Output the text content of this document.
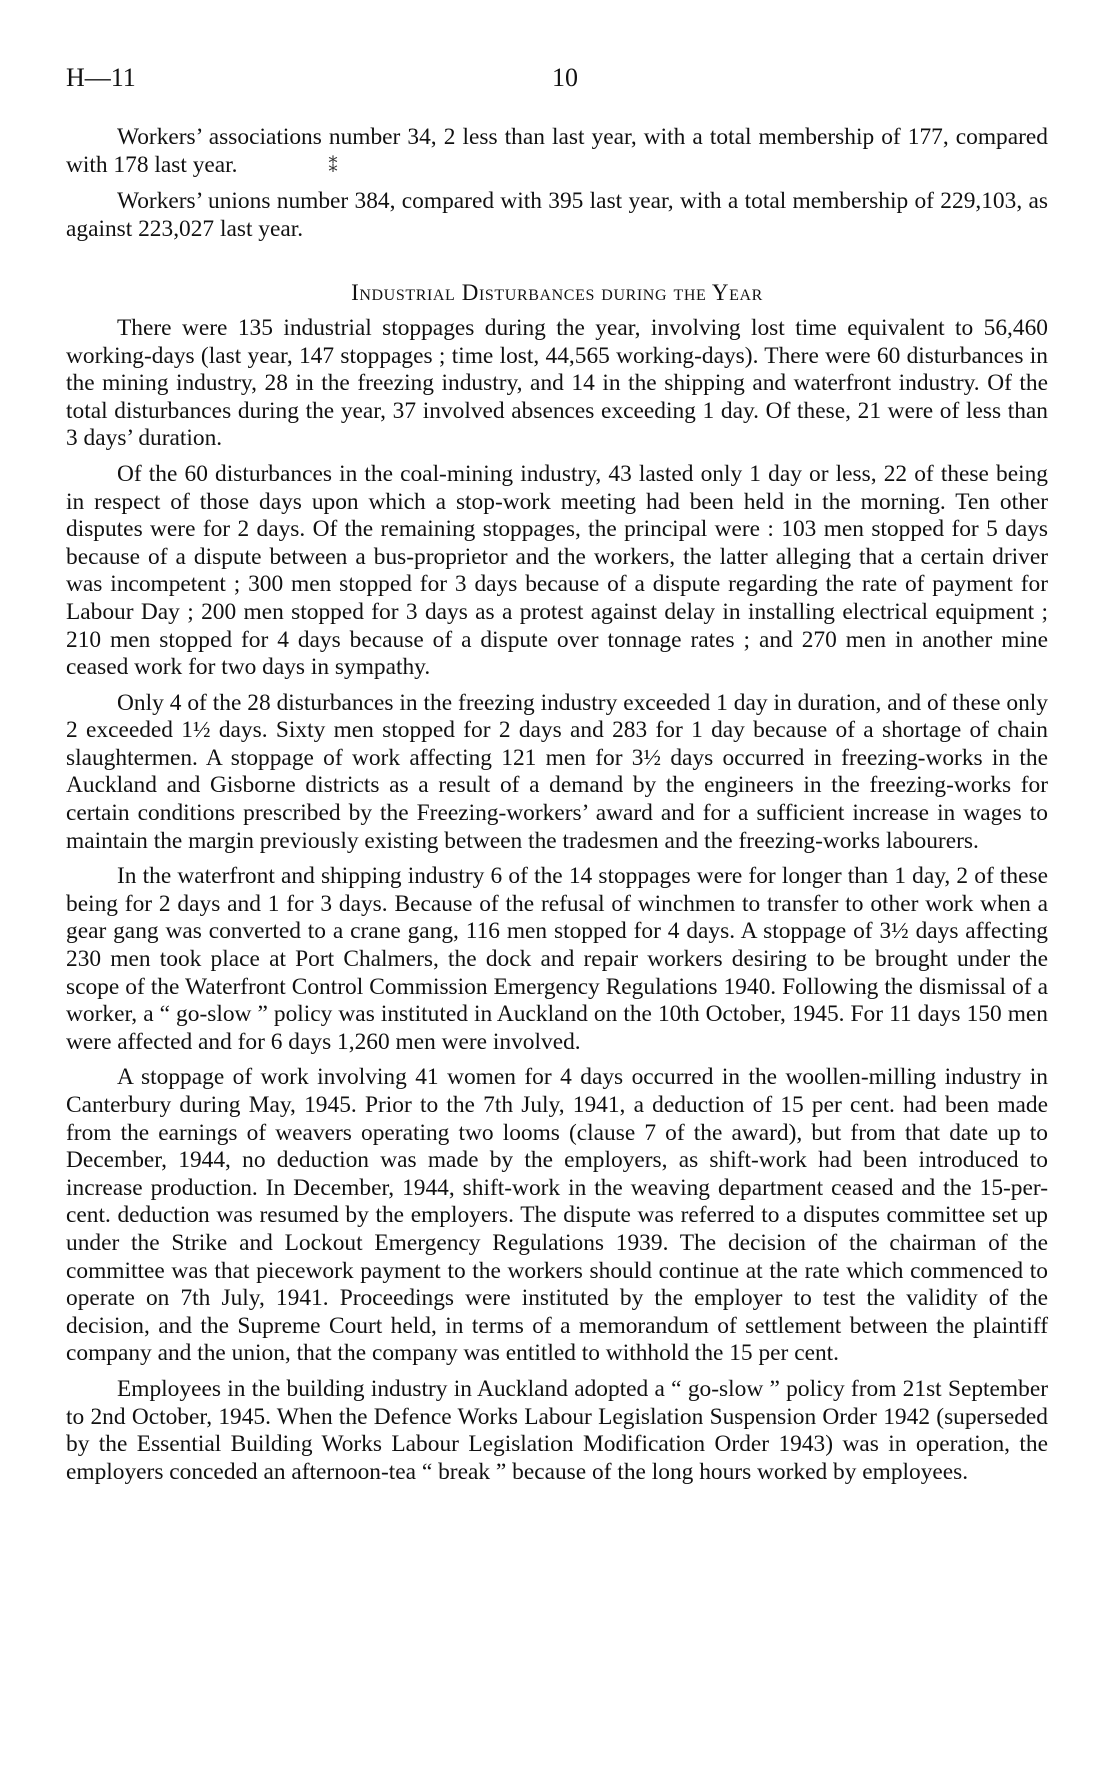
H—11	10

Workers’ associations number 34, 2 less than last year, with a total membership of 177, compared with 178 last year.	⁑

Workers’ unions number 384, compared with 395 last year, with a total membership of 229,103, as against 223,027 last year.

Industrial Disturbances during the Year

There were 135 industrial stoppages during the year, involving lost time equivalent to 56,460 working-days (last year, 147 stoppages ; time lost, 44,565 working-days). There were 60 disturbances in the mining industry, 28 in the freezing industry, and 14 in the shipping and waterfront industry. Of the total disturbances during the year, 37 involved absences exceeding 1 day. Of these, 21 were of less than 3 days’ duration.

Of the 60 disturbances in the coal-mining industry, 43 lasted only 1 day or less, 22 of these being in respect of those days upon which a stop-work meeting had been held in the morning. Ten other disputes were for 2 days. Of the remaining stoppages, the principal were : 103 men stopped for 5 days because of a dispute between a bus-proprietor and the workers, the latter alleging that a certain driver was incompetent ; 300 men stopped for 3 days because of a dispute regarding the rate of payment for Labour Day ; 200 men stopped for 3 days as a protest against delay in installing electrical equipment ; 210 men stopped for 4 days because of a dispute over tonnage rates ; and 270 men in another mine ceased work for two days in sympathy.

Only 4 of the 28 disturbances in the freezing industry exceeded 1 day in duration, and of these only 2 exceeded 1½ days. Sixty men stopped for 2 days and 283 for 1 day because of a shortage of chain slaughtermen. A stoppage of work affecting 121 men for 3½ days occurred in freezing-works in the Auckland and Gisborne districts as a result of a demand by the engineers in the freezing-works for certain conditions prescribed by the Freezing-workers’ award and for a sufficient increase in wages to maintain the margin previously existing between the tradesmen and the freezing-works labourers.

In the waterfront and shipping industry 6 of the 14 stoppages were for longer than 1 day, 2 of these being for 2 days and 1 for 3 days. Because of the refusal of winchmen to transfer to other work when a gear gang was converted to a crane gang, 116 men stopped for 4 days. A stoppage of 3½ days affecting 230 men took place at Port Chalmers, the dock and repair workers desiring to be brought under the scope of the Waterfront Control Commission Emergency Regulations 1940. Following the dismissal of a worker, a “ go-slow ” policy was instituted in Auckland on the 10th October, 1945. For 11 days 150 men were affected and for 6 days 1,260 men were involved.

A stoppage of work involving 41 women for 4 days occurred in the woollen-milling industry in Canterbury during May, 1945. Prior to the 7th July, 1941, a deduction of 15 per cent. had been made from the earnings of weavers operating two looms (clause 7 of the award), but from that date up to December, 1944, no deduction was made by the employers, as shift-work had been introduced to increase production. In December, 1944, shift-work in the weaving department ceased and the 15-per-cent. deduction was resumed by the employers. The dispute was referred to a disputes committee set up under the Strike and Lockout Emergency Regulations 1939. The decision of the chairman of the committee was that piecework payment to the workers should continue at the rate which commenced to operate on 7th July, 1941. Proceedings were instituted by the employer to test the validity of the decision, and the Supreme Court held, in terms of a memorandum of settlement between the plaintiff company and the union, that the company was entitled to withhold the 15 per cent.

Employees in the building industry in Auckland adopted a “ go-slow ” policy from 21st September to 2nd October, 1945. When the Defence Works Labour Legislation Suspension Order 1942 (superseded by the Essential Building Works Labour Legislation Modification Order 1943) was in operation, the employers conceded an afternoon-tea “ break ” because of the long hours worked by employees.
